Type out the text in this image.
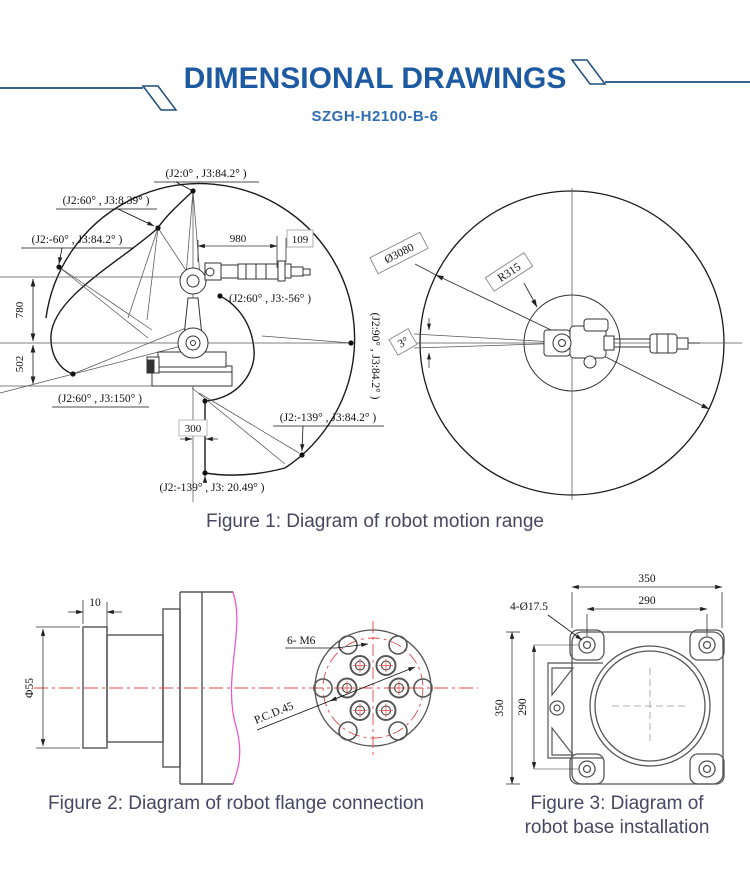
DIMENSIONAL DRAWINGS
SZGH-H2100-B-6
780
502
980	109
300
(J2:0° , J3:84.2° )
(J2:60° , J3:8.39° )
(J2:-60° , J3:84.2° )
(J2:60° , J3:-56° )
(J2:90° , J3:84.2° )
(J2:60° , J3:150° )
(J2:-139° , J3:84.2° )
(J2:-139° , J3: 20.49° )
Ø3080
R315
3°
Figure 1: Diagram of robot motion range
10
Φ55
6- M6
P.C.D.45
350
290
4-Ø17.5
350 290
Figure 2: Diagram of robot flange connection	Figure 3: Diagram of
robot base installation
